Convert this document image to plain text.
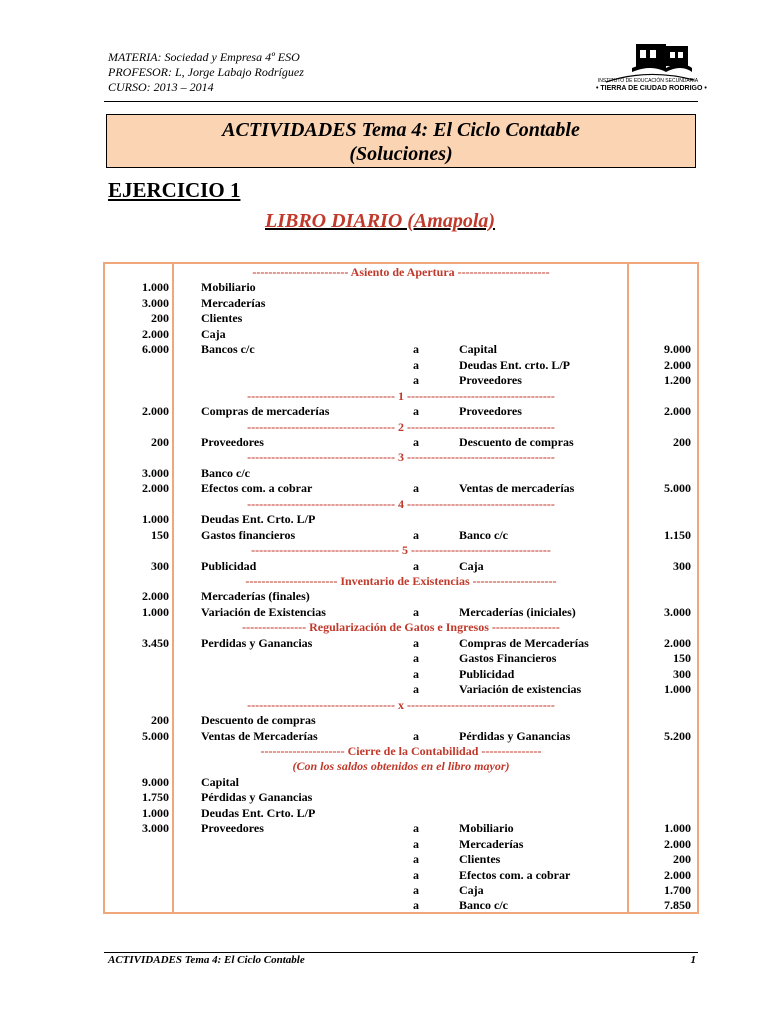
MATERIA: Sociedad y Empresa 4º ESO
PROFESOR: L, Jorge Labajo Rodríguez
CURSO: 2013 – 2014	INSTITUTO DE EDUCACIÓN SECUNDARIA
• TIERRA DE CIUDAD RODRIGO •
ACTIVIDADES Tema 4: El Ciclo Contable
(Soluciones)
EJERCICIO 1
LIBRO DIARIO (Amapola)
------------------------ Asiento de Apertura -----------------------
1.000	Mobiliario
3.000	Mercaderías
200	Clientes
2.000	Caja
6.000	Bancos c/c	a	Capital	9.000
a	Deudas Ent. crto. L/P	2.000
a	Proveedores	1.200
------------------------------------- 1 -------------------------------------
2.000	Compras de mercaderías	a	Proveedores	2.000
------------------------------------- 2 -------------------------------------
200	Proveedores	a	Descuento de compras	200
------------------------------------- 3 -------------------------------------
3.000	Banco c/c
2.000	Efectos com. a cobrar	a	Ventas de mercaderías	5.000
------------------------------------- 4 -------------------------------------
1.000	Deudas Ent. Crto. L/P
150	Gastos financieros	a	Banco c/c	1.150
------------------------------------- 5 -----------------------------------
300	Publicidad	a	Caja	300
----------------------- Inventario de Existencias ---------------------
2.000	Mercaderías (finales)
1.000	Variación de Existencias	a	Mercaderías (iniciales)	3.000
---------------- Regularización de Gatos e Ingresos -----------------
3.450	Perdidas y Ganancias	a	Compras de Mercaderías	2.000
a	Gastos Financieros	150
a	Publicidad	300
a	Variación de existencias	1.000
------------------------------------- x -------------------------------------
200	Descuento de compras
5.000	Ventas de Mercaderías	a	Pérdidas y Ganancias	5.200
--------------------- Cierre de la Contabilidad ---------------
(Con los saldos obtenidos en el libro mayor)
9.000	Capital
1.750	Pérdidas y Ganancias
1.000	Deudas Ent. Crto. L/P
3.000	Proveedores	a	Mobiliario	1.000
a	Mercaderías	2.000
a	Clientes	200
a	Efectos com. a cobrar	2.000
a	Caja	1.700
a	Banco c/c	7.850
ACTIVIDADES Tema 4: El Ciclo Contable	1
